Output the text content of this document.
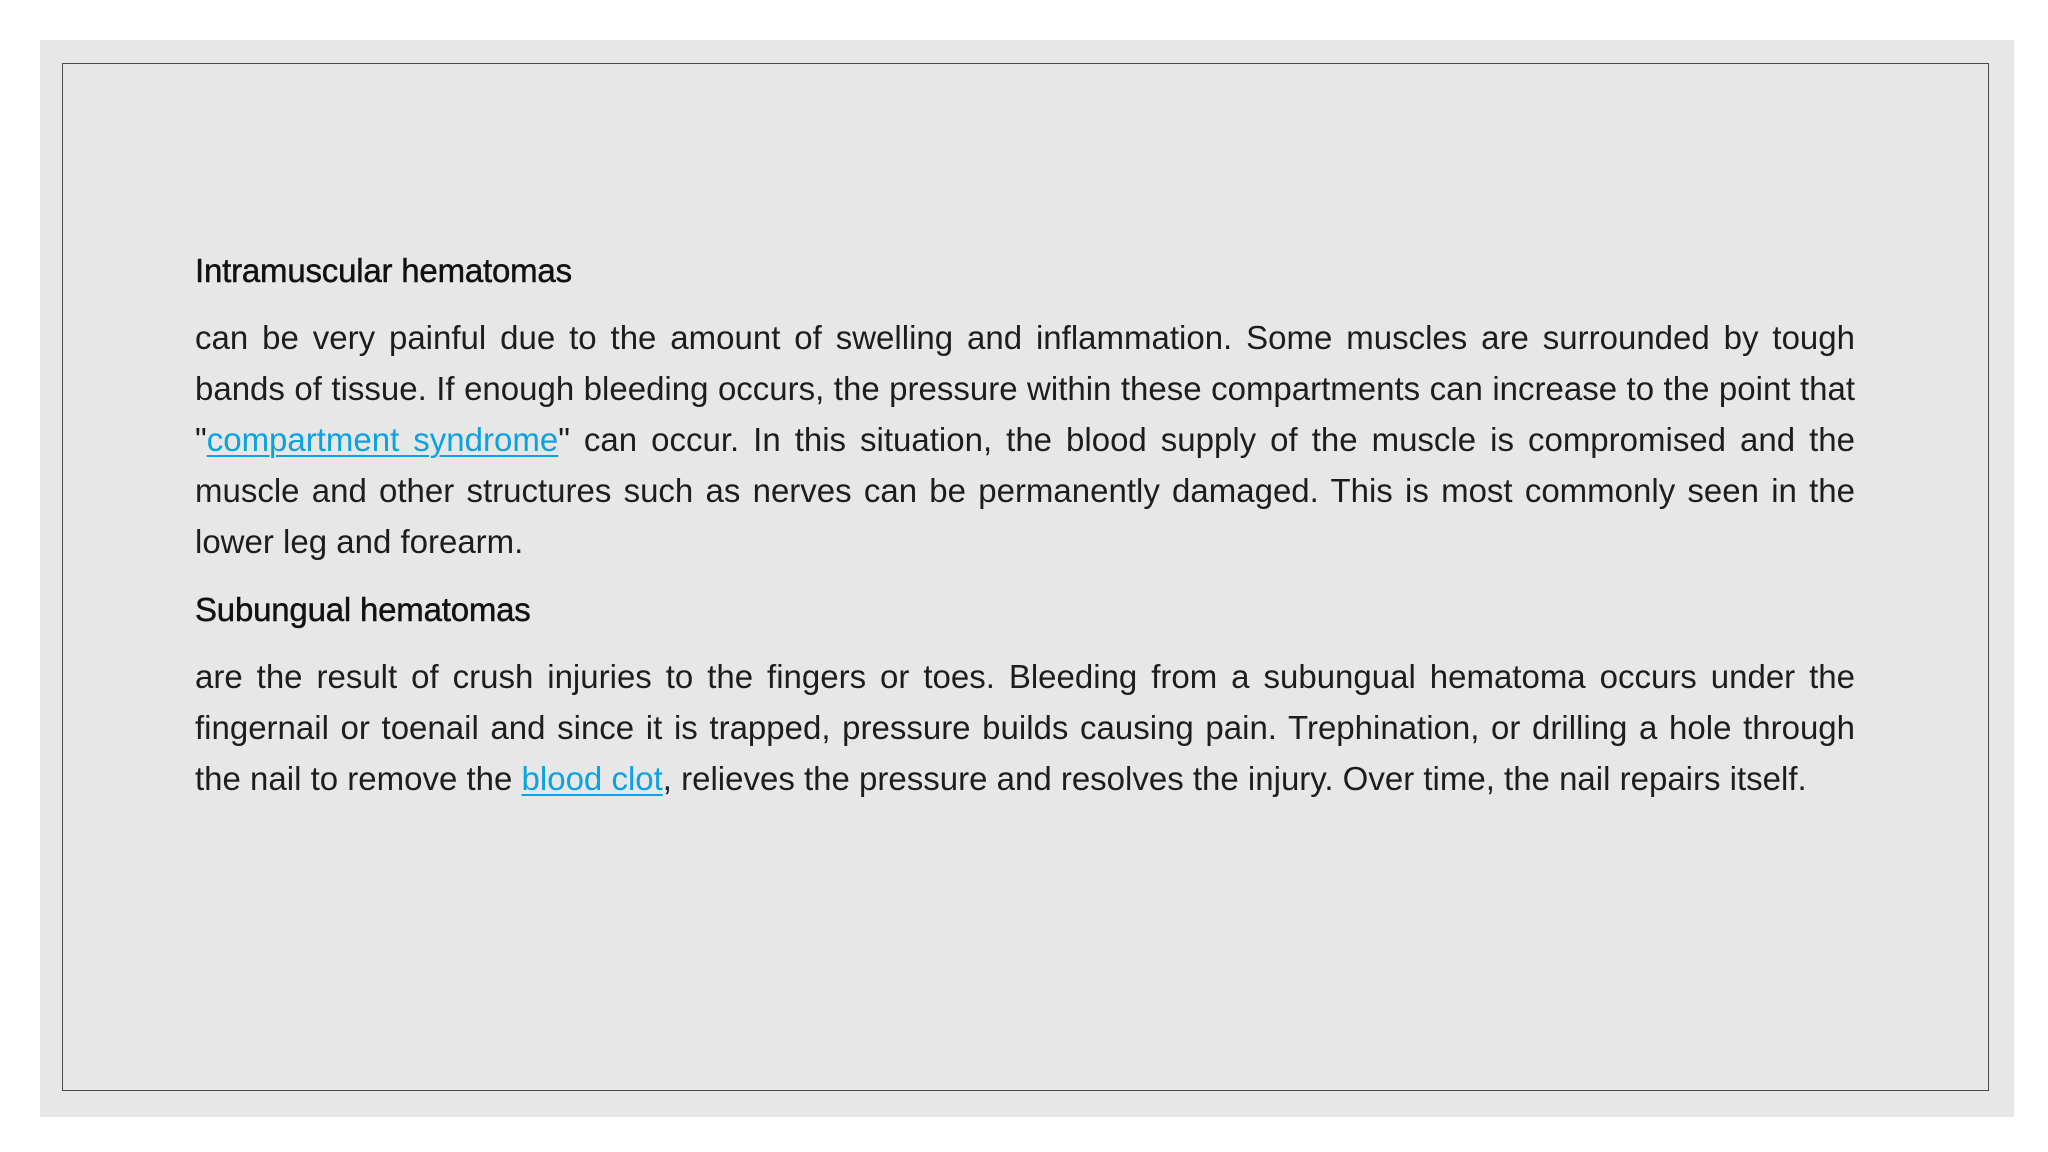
Intramuscular hematomas

can be very painful due to the amount of swelling and inflammation. Some muscles are surrounded by tough bands of tissue. If enough bleeding occurs, the pressure within these compartments can increase to the point that "compartment syndrome" can occur. In this situation, the blood supply of the muscle is compromised and the muscle and other structures such as nerves can be permanently damaged. This is most commonly seen in the lower leg and forearm.

Subungual hematomas

are the result of crush injuries to the fingers or toes. Bleeding from a subungual hematoma occurs under the fingernail or toenail and since it is trapped, pressure builds causing pain. Trephination, or drilling a hole through the nail to remove the blood clot, relieves the pressure and resolves the injury. Over time, the nail repairs itself.
